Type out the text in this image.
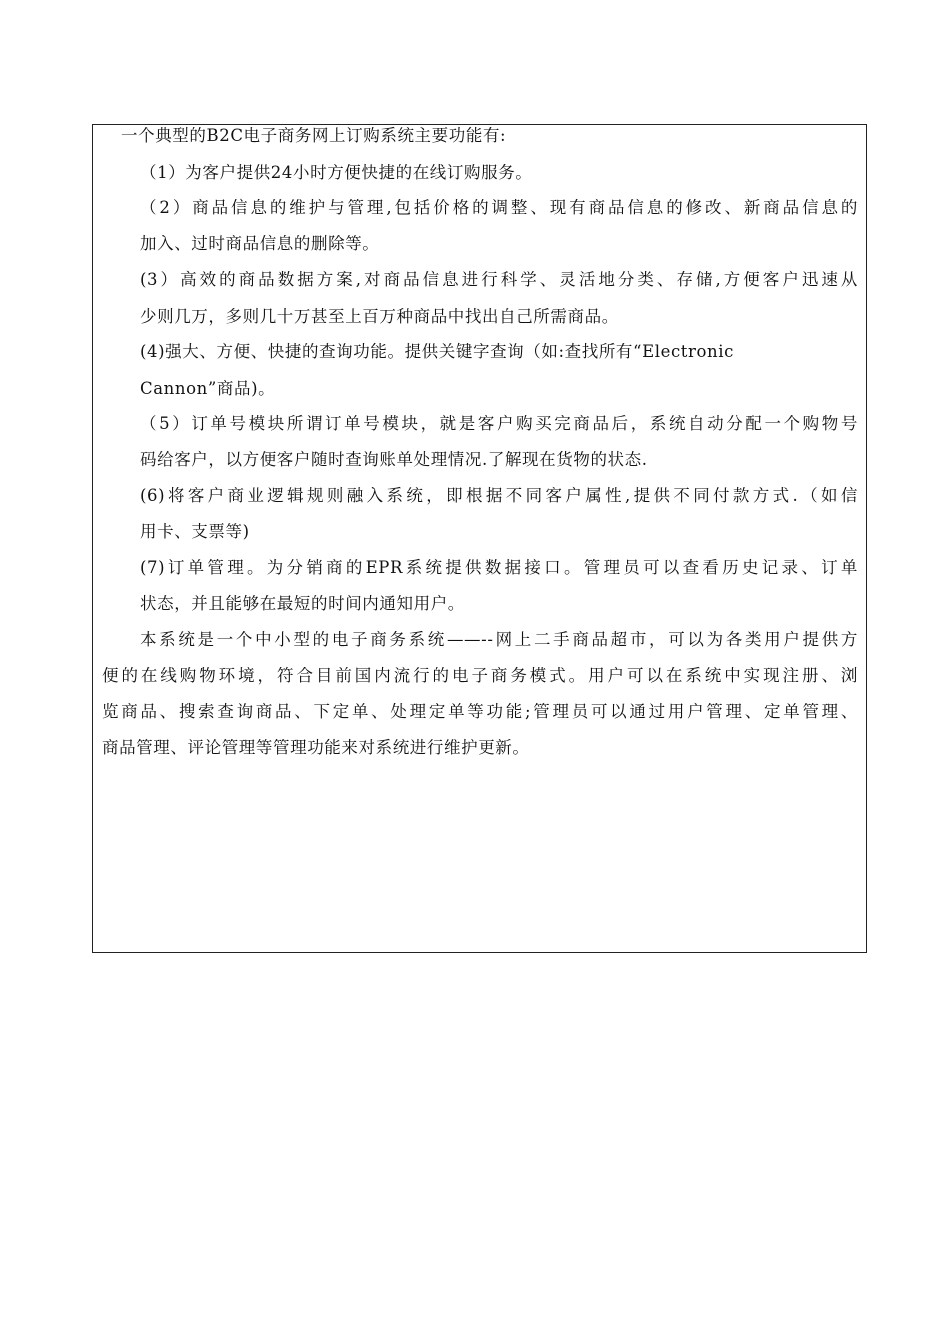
一个典型的B2C电子商务网上订购系统主要功能有:
（1）为客户提供24小时方便快捷的在线订购服务。
（2）商品信息的维护与管理,包括价格的调整、现有商品信息的修改、新商品信息的
加入、过时商品信息的删除等。
(3）高效的商品数据方案,对商品信息进行科学、灵活地分类、存储,方便客户迅速从
少则几万，多则几十万甚至上百万种商品中找出自己所需商品。
(4)强大、方便、快捷的查询功能。提供关键字查询（如:查找所有“Electronic
Cannon”商品)。
（5）订单号模块所谓订单号模块，就是客户购买完商品后，系统自动分配一个购物号
码给客户，以方便客户随时查询账单处理情况.了解现在货物的状态.
(6)将客户商业逻辑规则融入系统，即根据不同客户属性,提供不同付款方式.（如信
用卡、支票等)
(7)订单管理。为分销商的EPR系统提供数据接口。管理员可以查看历史记录、订单
状态，并且能够在最短的时间内通知用户。
本系统是一个中小型的电子商务系统——--网上二手商品超市，可以为各类用户提供方
便的在线购物环境，符合目前国内流行的电子商务模式。用户可以在系统中实现注册、浏
览商品、搜索查询商品、下定单、处理定单等功能;管理员可以通过用户管理、定单管理、
商品管理、评论管理等管理功能来对系统进行维护更新。
